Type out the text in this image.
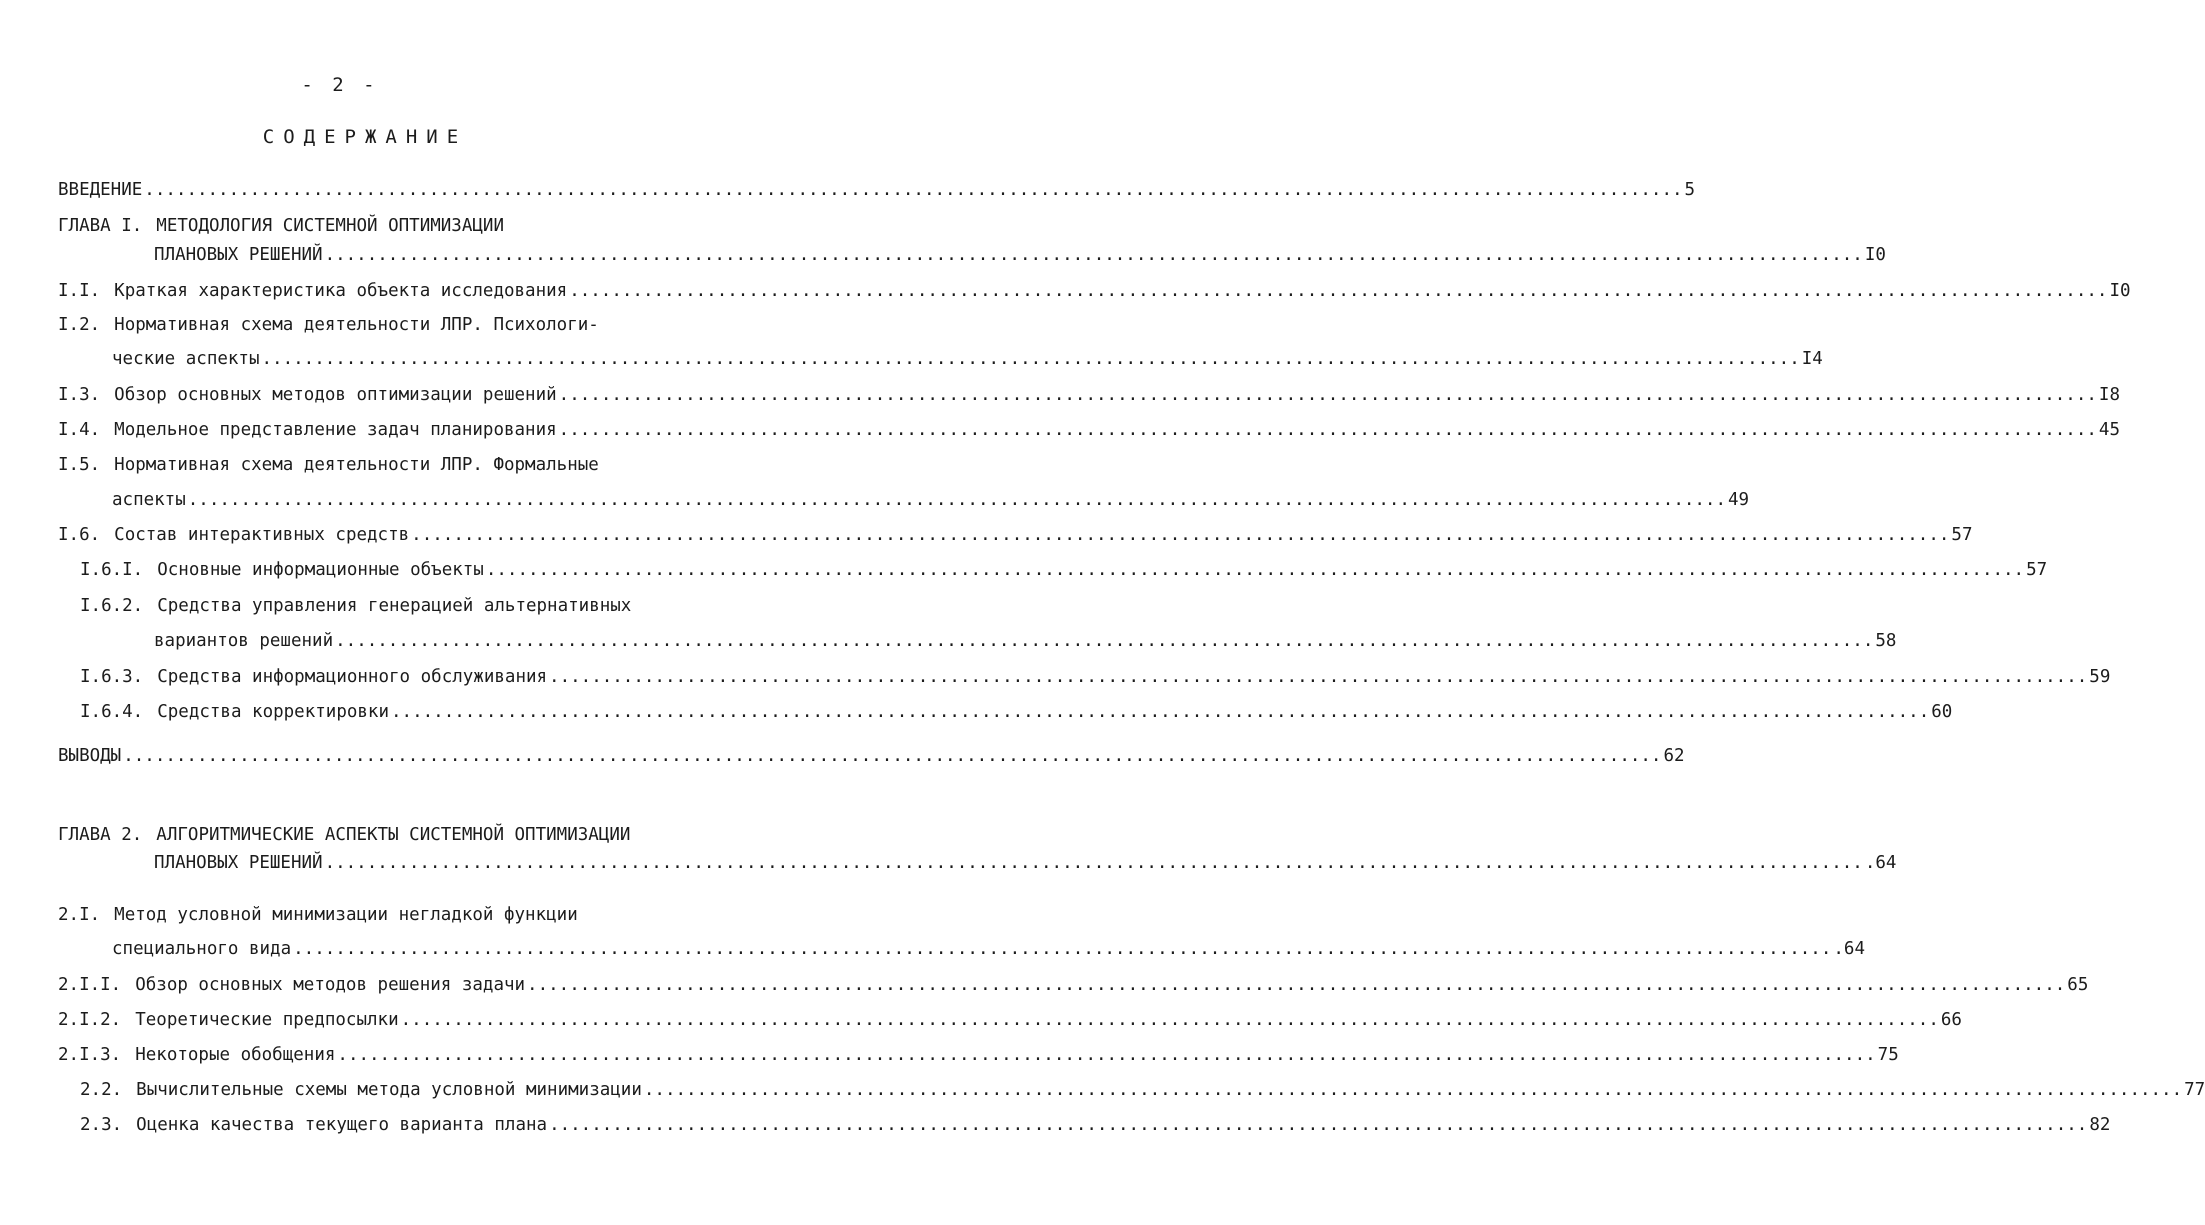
- 2 -
СОДЕРЖАНИЕ
ВВЕДЕНИЕ .................................................................................................................................................. 5
ГЛАВА I. МЕТОДОЛОГИЯ СИСТЕМНОЙ ОПТИМИЗАЦИИ
ПЛАНОВЫХ РЕШЕНИЙ .................................................................................................................................................. I0
I.I. Краткая характеристика объекта исследования .................................................................................................................................................. I0
I.2. Нормативная схема деятельности ЛПР. Психологи-
ческие аспекты .................................................................................................................................................. I4
I.3. Обзор основных методов оптимизации решений .................................................................................................................................................. I8
I.4. Модельное представление задач планирования .................................................................................................................................................. 45
I.5. Нормативная схема деятельности ЛПР. Формальные
аспекты .................................................................................................................................................. 49
I.6. Состав интерактивных средств .................................................................................................................................................. 57
I.6.I. Основные информационные объекты .................................................................................................................................................. 57
I.6.2. Средства управления генерацией альтернативных
вариантов решений .................................................................................................................................................. 58
I.6.3. Средства информационного обслуживания .................................................................................................................................................. 59
I.6.4. Средства корректировки .................................................................................................................................................. 60
ВЫВОДЫ .................................................................................................................................................. 62
ГЛАВА 2. АЛГОРИТМИЧЕСКИЕ АСПЕКТЫ СИСТЕМНОЙ ОПТИМИЗАЦИИ
ПЛАНОВЫХ РЕШЕНИЙ .................................................................................................................................................. .64
2.I. Метод условной минимизации негладкой функции
специального вида .................................................................................................................................................. .64
2.I.I. Обзор основных методов решения задачи .................................................................................................................................................. 65
2.I.2. Теоретические предпосылки .................................................................................................................................................. 66
2.I.3. Некоторые обобщения .................................................................................................................................................. 75
2.2. Вычислительные схемы метода условной минимизации .................................................................................................................................................. 77
2.3. Оценка качества текущего варианта плана .................................................................................................................................................. 82
